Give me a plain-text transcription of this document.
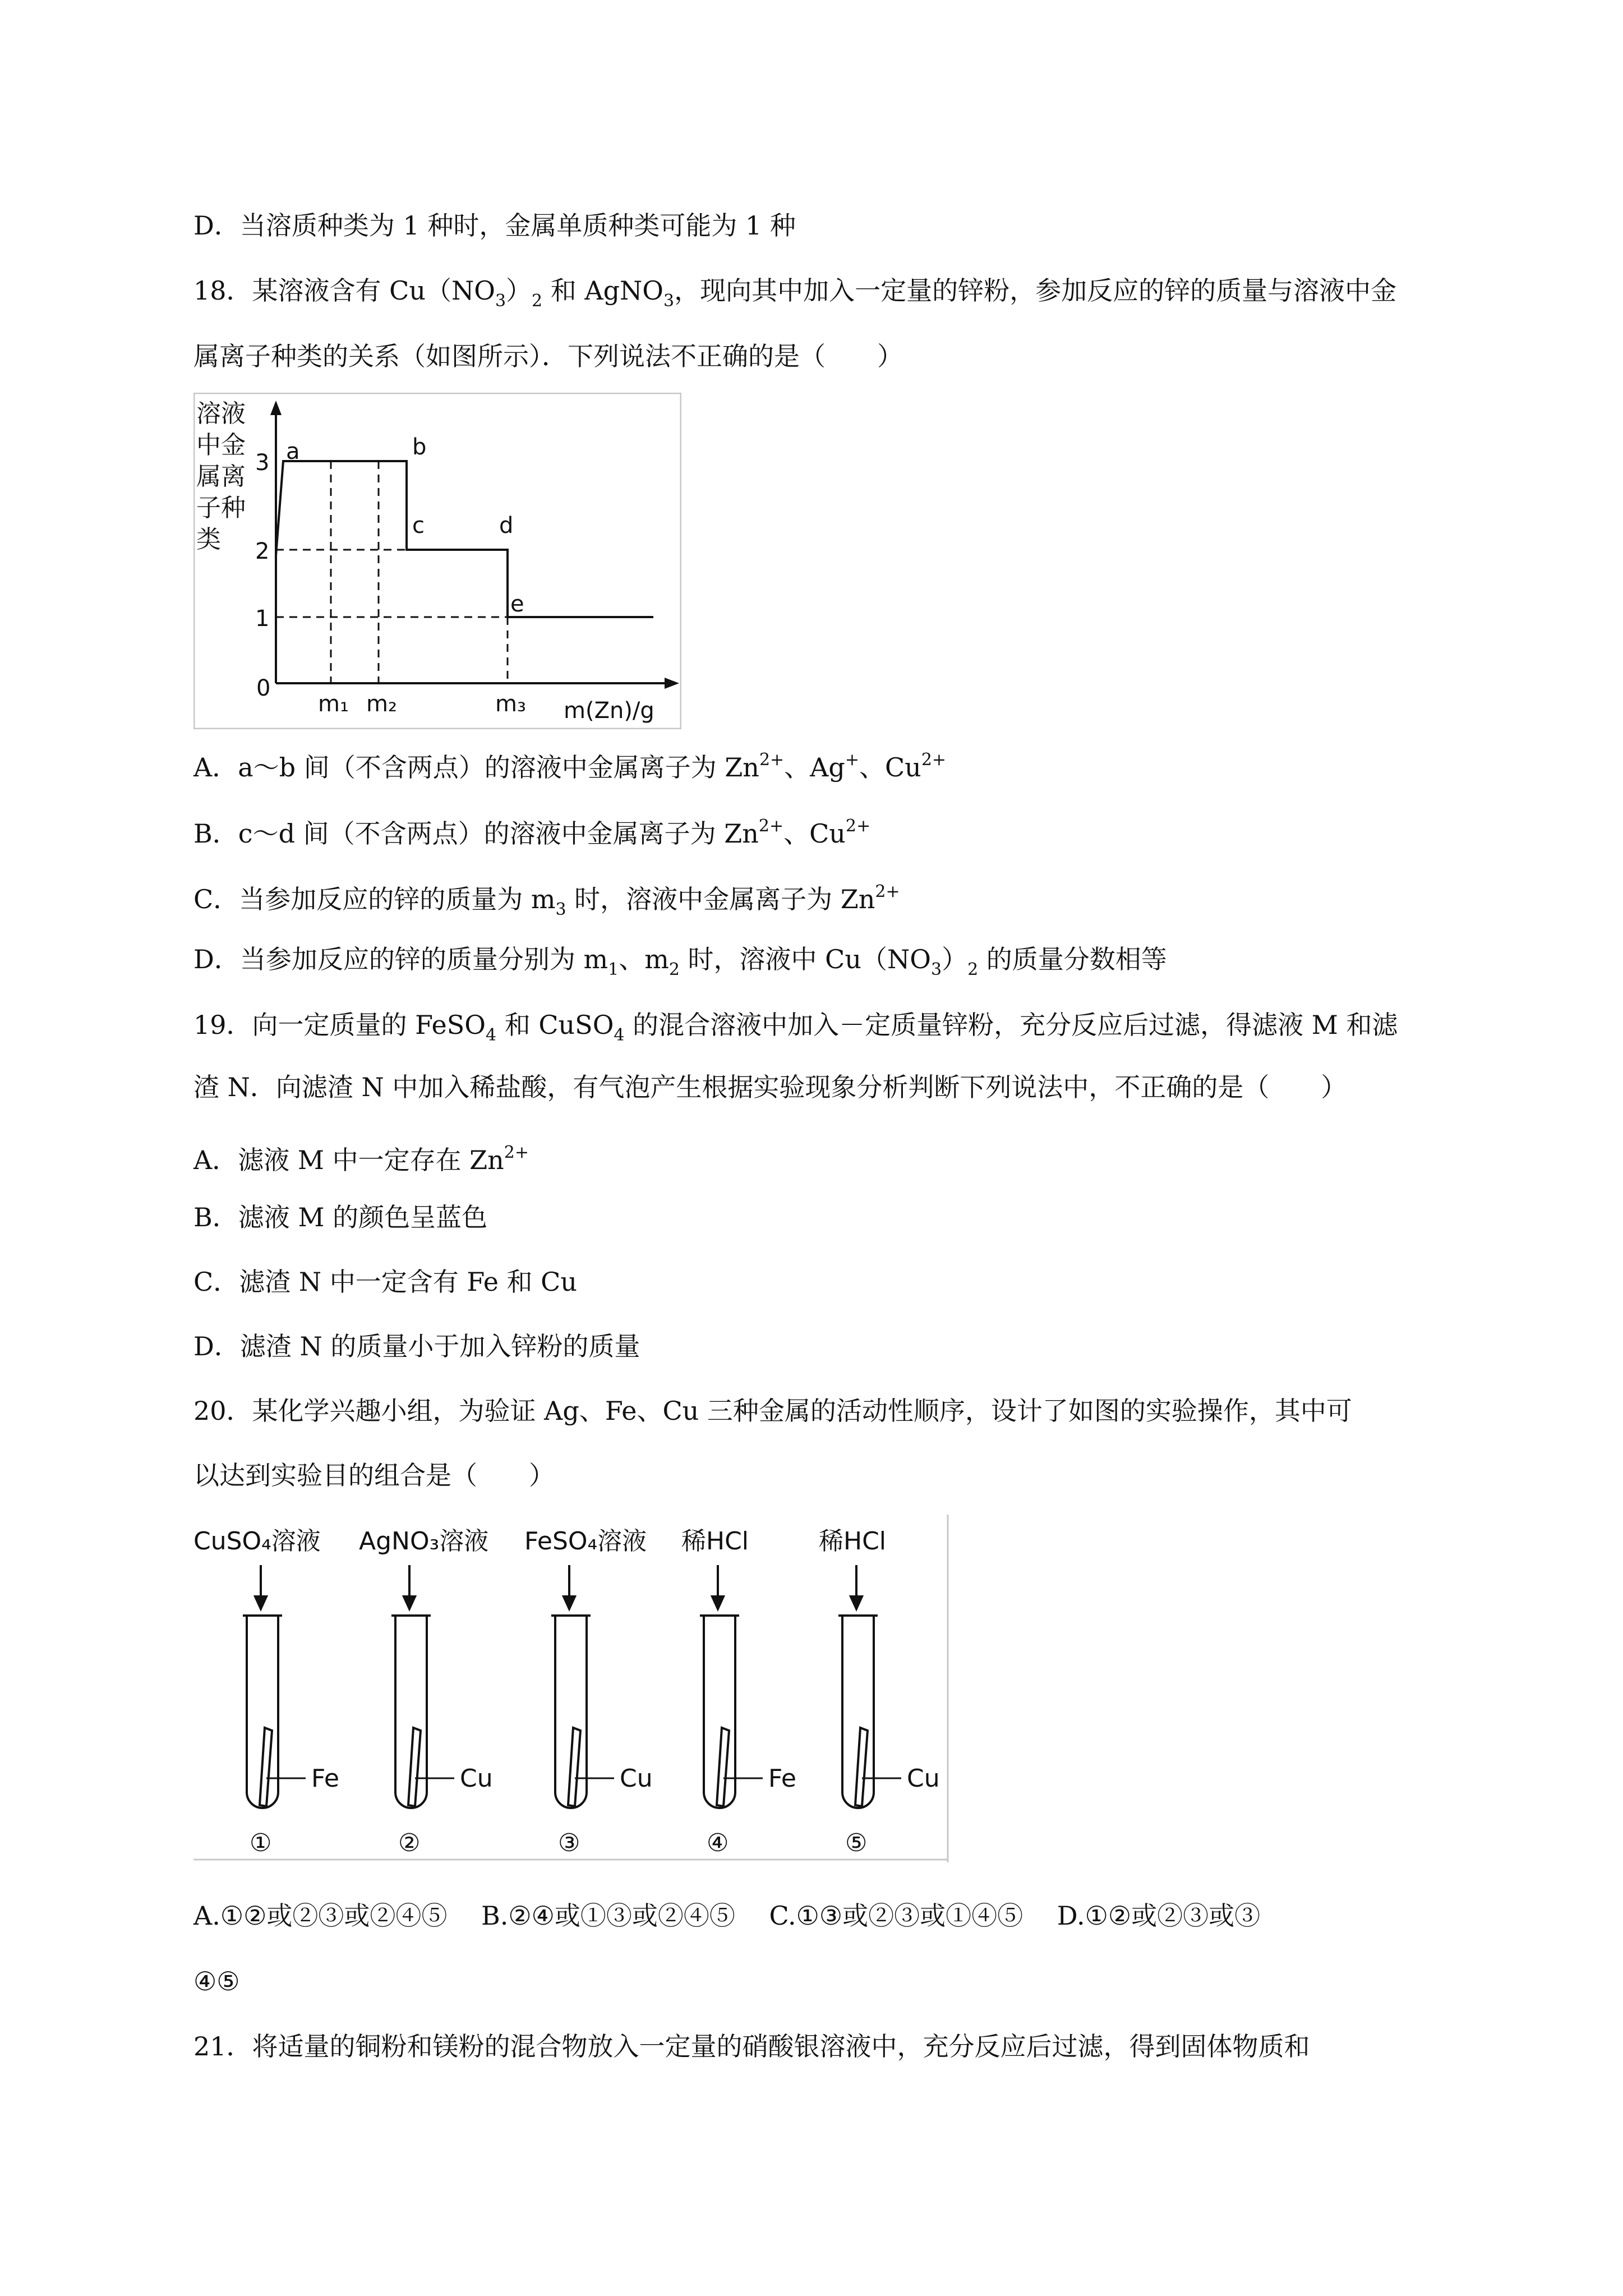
D．当溶质种类为 1 种时，金属单质种类可能为 1 种
18．某溶液含有 $Cu(NO_3)_2$ 和 AgNO$_3$，现向其中加入一定量的锌粉，参加反应的锌的质量与溶液中金
属离子种类的关系（如图所示）．下列说法不正确的是（　　）
溶液
中金
属离
子种
类
3
2
1
0
a	b
c	d
e
m₁ m₂	m₃ m(Zn)/g
A．a～b 间（不含两点）的溶液中金属离子为 $Zn^{2+}$、Ag+、$Cu^{2+}$
B．c～d 间（不含两点）的溶液中金属离子为 $Zn^{2+}$、$Cu^{2+}$
C．当参加反应的锌的质量为 $m_3$ 时，溶液中金属离子为 $Zn^{2+}$
D．当参加反应的锌的质量分别为 $m_1$、$m_2$ 时，溶液中 $Cu(NO_3)_2$ 的质量分数相等
19．向一定质量的 FeSO$_4$ 和 CuSO$_4$ 的混合溶液中加入－定质量锌粉，充分反应后过滤，得滤液 M 和滤
渣 N．向滤渣 N 中加入稀盐酸，有气泡产生根据实验现象分析判断下列说法中，不正确的是（　　）
A．滤液 M 中一定存在 $Zn^{2+}$
B．滤液 M 的颜色呈蓝色
C．滤渣 N 中一定含有 Fe 和 Cu
D．滤渣 N 的质量小于加入锌粉的质量
20．某化学兴趣小组，为验证 Ag、Fe、Cu 三种金属的活动性顺序，设计了如图的实验操作，其中可
以达到实验目的组合是（　　）
CuSO₄溶液 AgNO₃溶液 FeSO₄溶液 稀HCl	稀HCl
Fe	Cu	Cu	Fe	Cu
①	②	③	④	⑤
A.①②或②③或②④⑤　 B.②④或①③或②④⑤　 C.①③或②③或①④⑤　 D.①②或②③或③
④⑤
21．将适量的铜粉和镁粉的混合物放入一定量的硝酸银溶液中，充分反应后过滤，得到固体物质和
